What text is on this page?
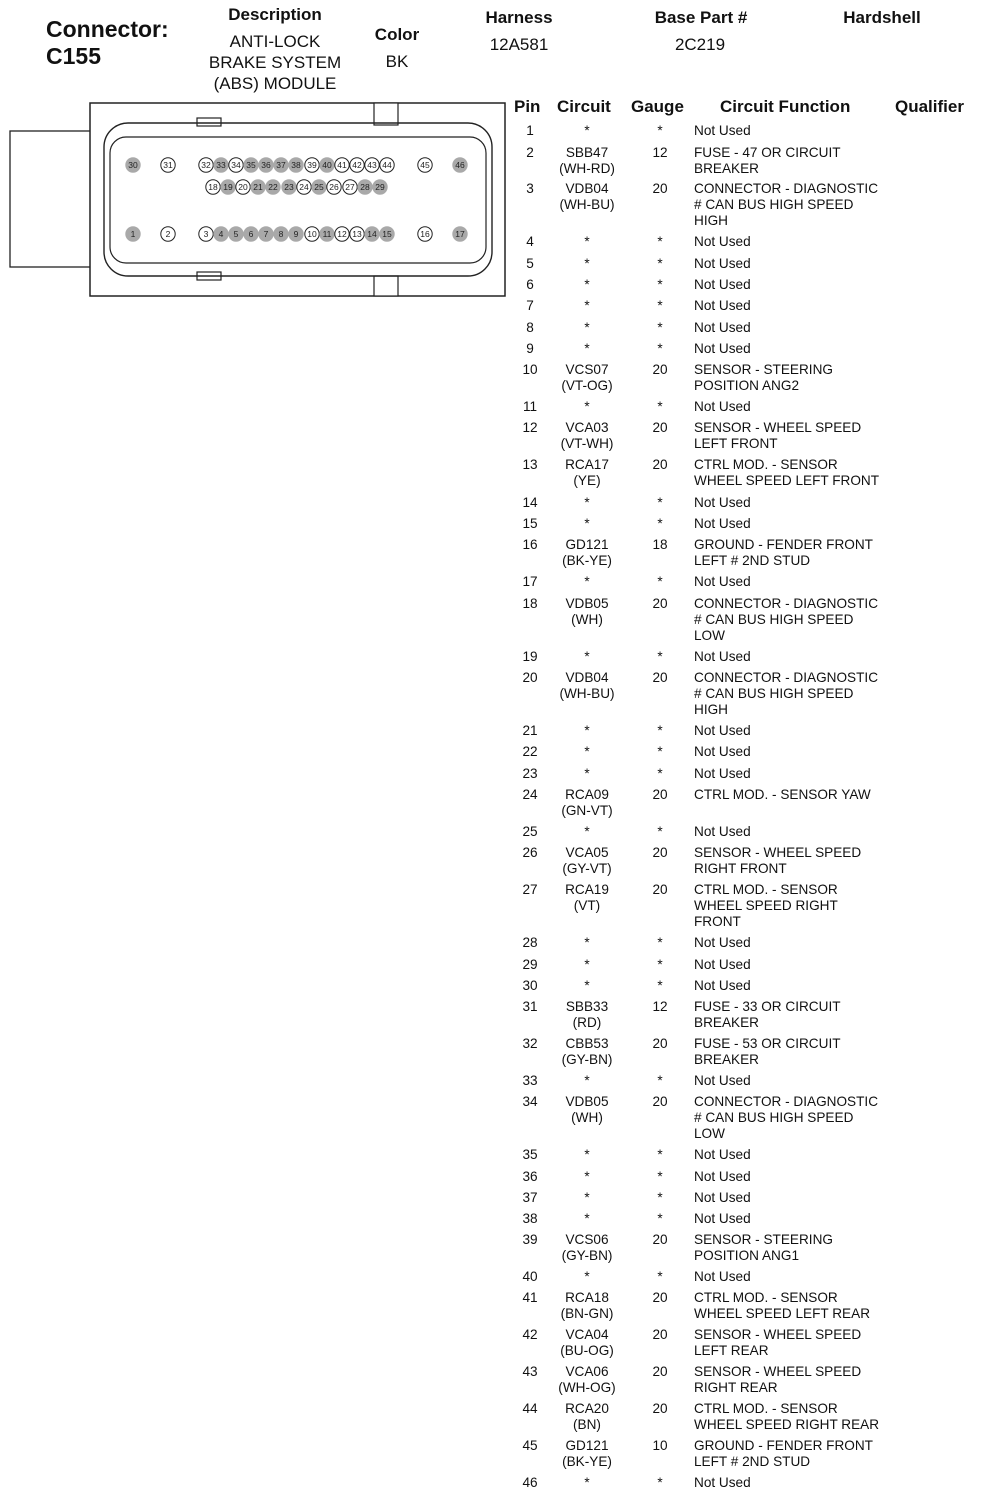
Connector:
C155
Description
ANTI-LOCK
BRAKE SYSTEM
(ABS) MODULE
Color
BK
Harness
12A581
Base Part #
2C219
Hardshell
30	31	32 33 34 35 36 37 38 39 40 41 42 43 44	45	46
18 19 20 21 22 23 24 25 26 27 28 29
1	2	3 4 5 6 7 8 9 10 11 12 13 14 15	16	17
Pin Circuit Gauge Circuit Function	Qualifier
1	*	*	Not Used
2	SBB47
(WH-RD)
12	FUSE - 47 OR CIRCUIT
BREAKER
3	VDB04
(WH-BU)
20	CONNECTOR - DIAGNOSTIC
# CAN BUS HIGH SPEED
HIGH
4	*	*	Not Used
5	*	*	Not Used
6	*	*	Not Used
7	*	*	Not Used
8	*	*	Not Used
9	*	*	Not Used
10	VCS07
(VT-OG)
20	SENSOR - STEERING
POSITION ANG2
11	*	*	Not Used
12	VCA03
(VT-WH)
20	SENSOR - WHEEL SPEED
LEFT FRONT
13	RCA17
(YE)
20	CTRL MOD. - SENSOR
WHEEL SPEED LEFT FRONT
14	*	*	Not Used
15	*	*	Not Used
16	GD121
(BK-YE)
18	GROUND - FENDER FRONT
LEFT # 2ND STUD
17	*	*	Not Used
18	VDB05
(WH)
20	CONNECTOR - DIAGNOSTIC
# CAN BUS HIGH SPEED
LOW
19	*	*	Not Used
20	VDB04
(WH-BU)
20	CONNECTOR - DIAGNOSTIC
# CAN BUS HIGH SPEED
HIGH
21	*	*	Not Used
22	*	*	Not Used
23	*	*	Not Used
24	RCA09
(GN-VT)
20	CTRL MOD. - SENSOR YAW
25	*	*	Not Used
26	VCA05
(GY-VT)
20	SENSOR - WHEEL SPEED
RIGHT FRONT
27	RCA19
(VT)
20	CTRL MOD. - SENSOR
WHEEL SPEED RIGHT
FRONT
28	*	*	Not Used
29	*	*	Not Used
30	*	*	Not Used
31	SBB33
(RD)
12	FUSE - 33 OR CIRCUIT
BREAKER
32	CBB53
(GY-BN)
20	FUSE - 53 OR CIRCUIT
BREAKER
33	*	*	Not Used
34	VDB05
(WH)
20	CONNECTOR - DIAGNOSTIC
# CAN BUS HIGH SPEED
LOW
35	*	*	Not Used
36	*	*	Not Used
37	*	*	Not Used
38	*	*	Not Used
39	VCS06
(GY-BN)
20	SENSOR - STEERING
POSITION ANG1
40	*	*	Not Used
41	RCA18
(BN-GN)
20	CTRL MOD. - SENSOR
WHEEL SPEED LEFT REAR
42	VCA04
(BU-OG)
20	SENSOR - WHEEL SPEED
LEFT REAR
43	VCA06
(WH-OG)
20	SENSOR - WHEEL SPEED
RIGHT REAR
44	RCA20
(BN)
20	CTRL MOD. - SENSOR
WHEEL SPEED RIGHT REAR
45	GD121
(BK-YE)
10	GROUND - FENDER FRONT
LEFT # 2ND STUD
46	*	*	Not Used
